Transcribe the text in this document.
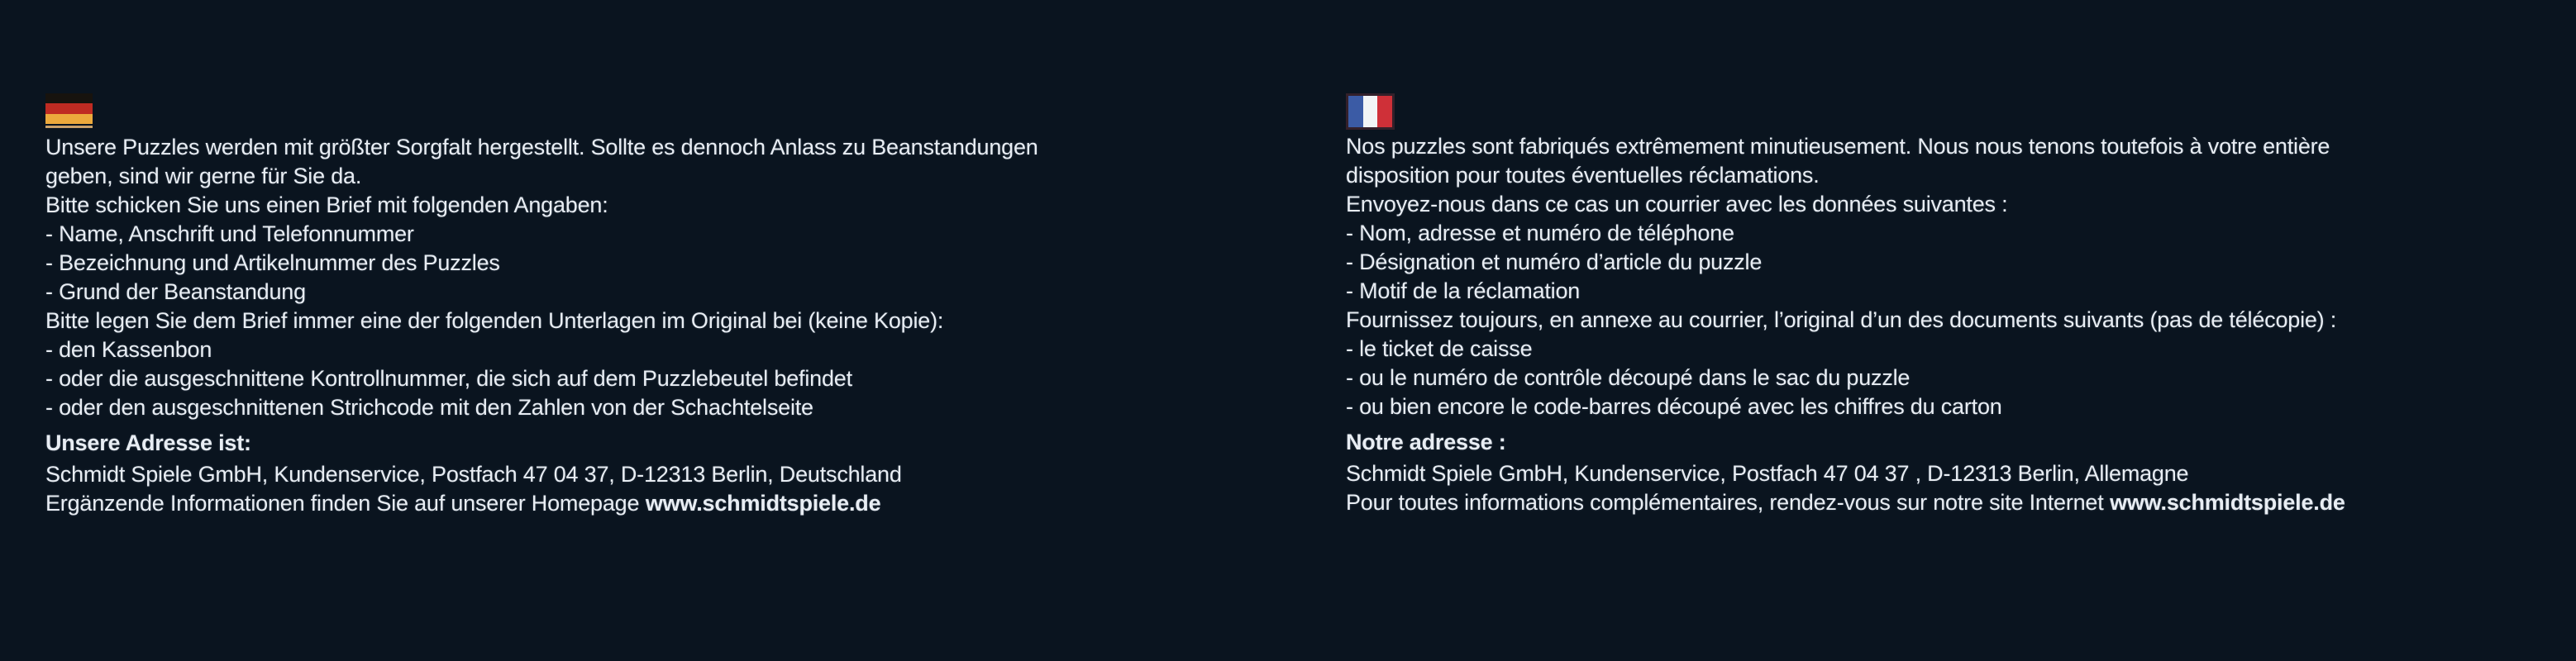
Unsere Puzzles werden mit größter Sorgfalt hergestellt. Sollte es dennoch Anlass zu Beanstandungen
geben, sind wir gerne für Sie da.
Bitte schicken Sie uns einen Brief mit folgenden Angaben:
- Name, Anschrift und Telefonnummer
- Bezeichnung und Artikelnummer des Puzzles
- Grund der Beanstandung
Bitte legen Sie dem Brief immer eine der folgenden Unterlagen im Original bei (keine Kopie):
- den Kassenbon
- oder die ausgeschnittene Kontrollnummer, die sich auf dem Puzzlebeutel befindet
- oder den ausgeschnittenen Strichcode mit den Zahlen von der Schachtelseite
Unsere Adresse ist:
Schmidt Spiele GmbH, Kundenservice, Postfach 47 04 37, D-12313 Berlin, Deutschland
Ergänzende Informationen finden Sie auf unserer Homepage www.schmidtspiele.de
Nos puzzles sont fabriqués extrêmement minutieusement. Nous nous tenons toutefois à votre entière
disposition pour toutes éventuelles réclamations.
Envoyez-nous dans ce cas un courrier avec les données suivantes :
- Nom, adresse et numéro de téléphone
- Désignation et numéro d’article du puzzle
- Motif de la réclamation
Fournissez toujours, en annexe au courrier, l’original d’un des documents suivants (pas de télécopie) :
- le ticket de caisse
- ou le numéro de contrôle découpé dans le sac du puzzle
- ou bien encore le code-barres découpé avec les chiffres du carton
Notre adresse :
Schmidt Spiele GmbH, Kundenservice, Postfach 47 04 37 , D-12313 Berlin, Allemagne
Pour toutes informations complémentaires, rendez-vous sur notre site Internet www.schmidtspiele.de
